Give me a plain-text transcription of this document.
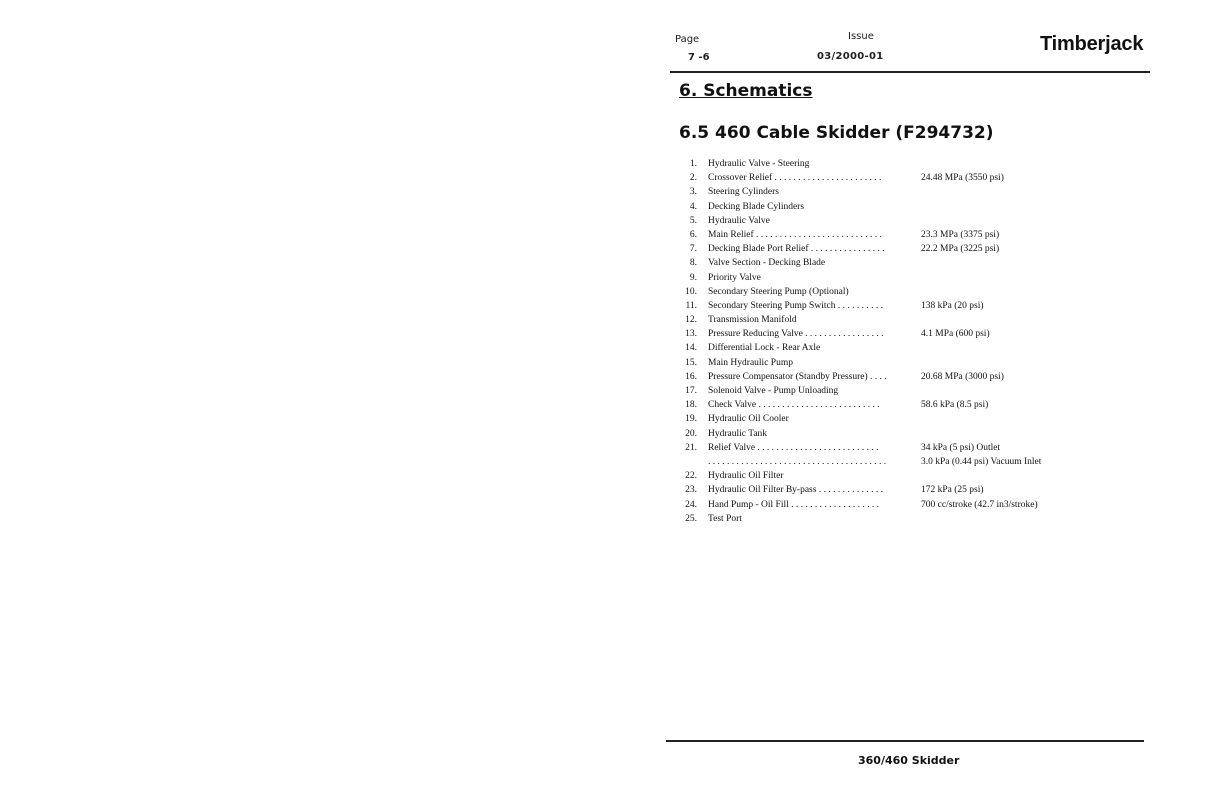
Page
7 -6
Issue
03/2000-01
Timberjack
6. Schematics
6.5 460 Cable Skidder (F294732)
1. Hydraulic Valve - Steering
2. Crossover Relief . . . . . . . . . . . . . . . . . . . . . . .	24.48 MPa (3550 psi)
3. Steering Cylinders
4. Decking Blade Cylinders
5. Hydraulic Valve
6. Main Relief . . . . . . . . . . . . . . . . . . . . . . . . . . .	23.3 MPa (3375 psi)
7. Decking Blade Port Relief . . . . . . . . . . . . . . . .	22.2 MPa (3225 psi)
8. Valve Section - Decking Blade
9. Priority Valve
10. Secondary Steering Pump (Optional)
11. Secondary Steering Pump Switch . . . . . . . . . .	138 kPa (20 psi)
12. Transmission Manifold
13. Pressure Reducing Valve . . . . . . . . . . . . . . . . .	4.1 MPa (600 psi)
14. Differential Lock - Rear Axle
15. Main Hydraulic Pump
16. Pressure Compensator (Standby Pressure) . . . .	20.68 MPa (3000 psi)
17. Solenoid Valve - Pump Unloading
18. Check Valve . . . . . . . . . . . . . . . . . . . . . . . . . .	58.6 kPa (8.5 psi)
19. Hydraulic Oil Cooler
20. Hydraulic Tank
21. Relief Valve . . . . . . . . . . . . . . . . . . . . . . . . . .	34 kPa (5 psi) Outlet
. . . . . . . . . . . . . . . . . . . . . . . . . . . . . . . . . . . . . .	3.0 kPa (0.44 psi) Vacuum Inlet
22. Hydraulic Oil Filter
23. Hydraulic Oil Filter By-pass . . . . . . . . . . . . . .	172 kPa (25 psi)
24. Hand Pump - Oil Fill . . . . . . . . . . . . . . . . . . .	700 cc/stroke (42.7 in3/stroke)
25. Test Port
360/460 Skidder
